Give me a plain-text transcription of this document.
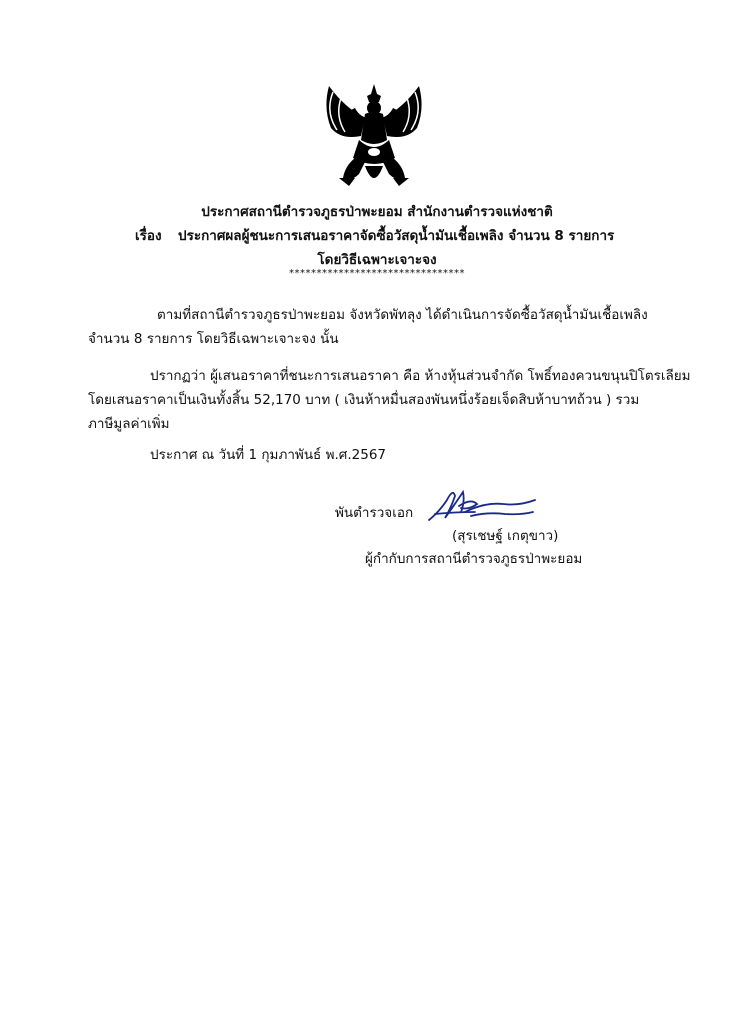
ประกาศสถานีตำรวจภูธรป่าพะยอม สำนักงานตำรวจแห่งชาติ
เรื่อง ประกาศผลผู้ชนะการเสนอราคาจัดซื้อวัสดุน้ำมันเชื้อเพลิง จำนวน 8 รายการ
โดยวิธีเฉพาะเจาะจง
********************************
ตามที่สถานีตำรวจภูธรป่าพะยอม จังหวัดพัทลุง ได้ดำเนินการจัดซื้อวัสดุน้ำมันเชื้อเพลิง
จำนวน 8 รายการ โดยวิธีเฉพาะเจาะจง นั้น
ปรากฏว่า ผู้เสนอราคาที่ชนะการเสนอราคา คือ ห้างหุ้นส่วนจำกัด โพธิ์ทองควนขนุนปิโตรเลียม
โดยเสนอราคาเป็นเงินทั้งสิ้น 52,170 บาท ( เงินห้าหมื่นสองพันหนึ่งร้อยเจ็ดสิบห้าบาทถ้วน ) รวม
ภาษีมูลค่าเพิ่ม
ประกาศ ณ วันที่ 1 กุมภาพันธ์ พ.ศ.2567
พันตำรวจเอก
(สุรเชษฐ์ เกตุขาว)
ผู้กำกับการสถานีตำรวจภูธรป่าพะยอม
